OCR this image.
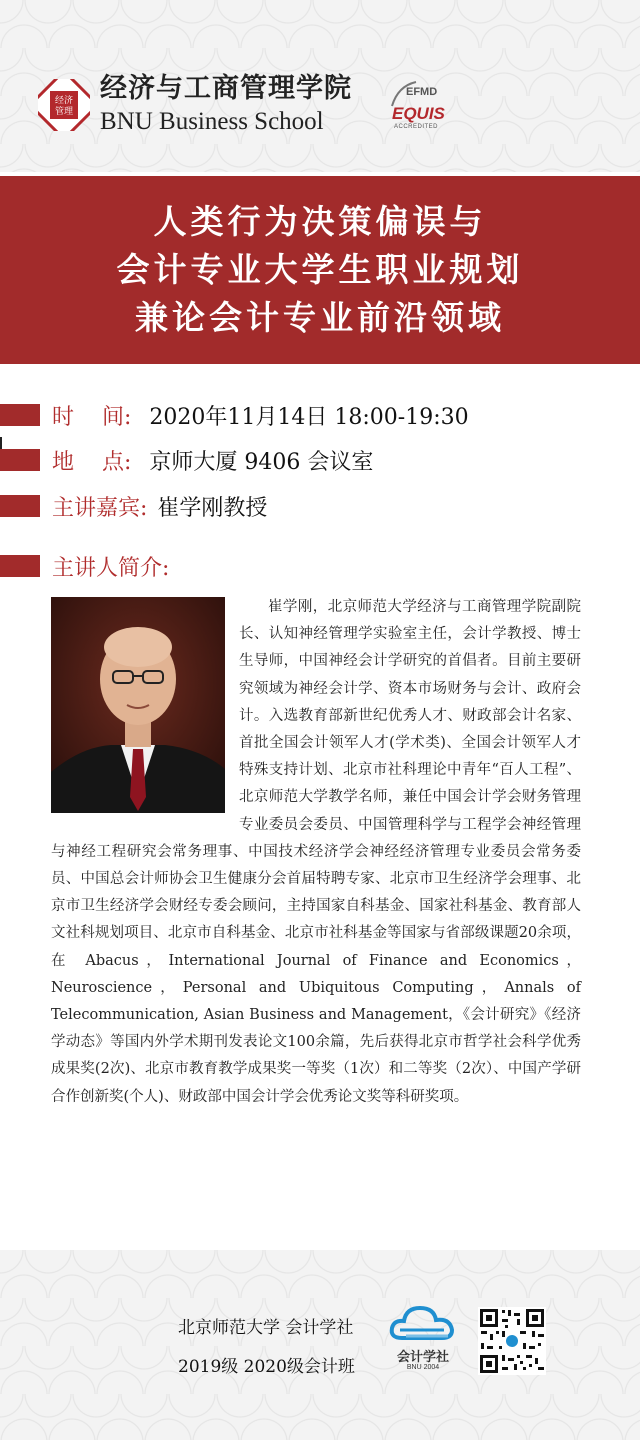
经济
管理
经济与工商管理学院
BNU Business School
EFMD
EQUIS
ACCREDITED
人类行为决策偏误与
会计专业大学生职业规划
兼论会计专业前沿领域
时    间: 2020年11月14日 18:00-19:30
地    点: 京师大厦 9406 会议室
主讲嘉宾: 崔学刚教授
主讲人简介:

崔学刚，北京师范大学经济与工商管理学院副院长、认知神经管理学实验室主任，会计学教授、博士生导师，中国神经会计学研究的首倡者。目前主要研究领域为神经会计学、资本市场财务与会计、政府会计。入选教育部新世纪优秀人才、财政部会计名家、首批全国会计领军人才(学术类)、全国会计领军人才特殊支持计划、北京市社科理论中青年“百人工程”、北京师范大学教学名师，兼任中国会计学会财务管理专业委员会委员、中国管理科学与工程学会神经管理与神经工程研究会常务理事、中国技术经济学会神经经济管理专业委员会常务委员、中国总会计师协会卫生健康分会首届特聘专家、北京市卫生经济学会理事、北京市卫生经济学会财经专委会顾问，主持国家自科基金、国家社科基金、教育部人文社科规划项目、北京市自科基金、北京市社科基金等国家与省部级课题20余项，在 Abacus，International Journal of Finance and Economics，Neuroscience，Personal and Ubiquitous Computing，Annals of Telecommunication, Asian Business and Management，《会计研究》《经济学动态》等国内外学术期刊发表论文100余篇，先后获得北京市哲学社会科学优秀成果奖(2次)、北京市教育教学成果奖一等奖（1次）和二等奖（2次）、中国产学研合作创新奖(个人)、财政部中国会计学会优秀论文奖等科研奖项。

北京师范大学 会计学社
2019级 2020级会计班	会计学社
BNU 2004
